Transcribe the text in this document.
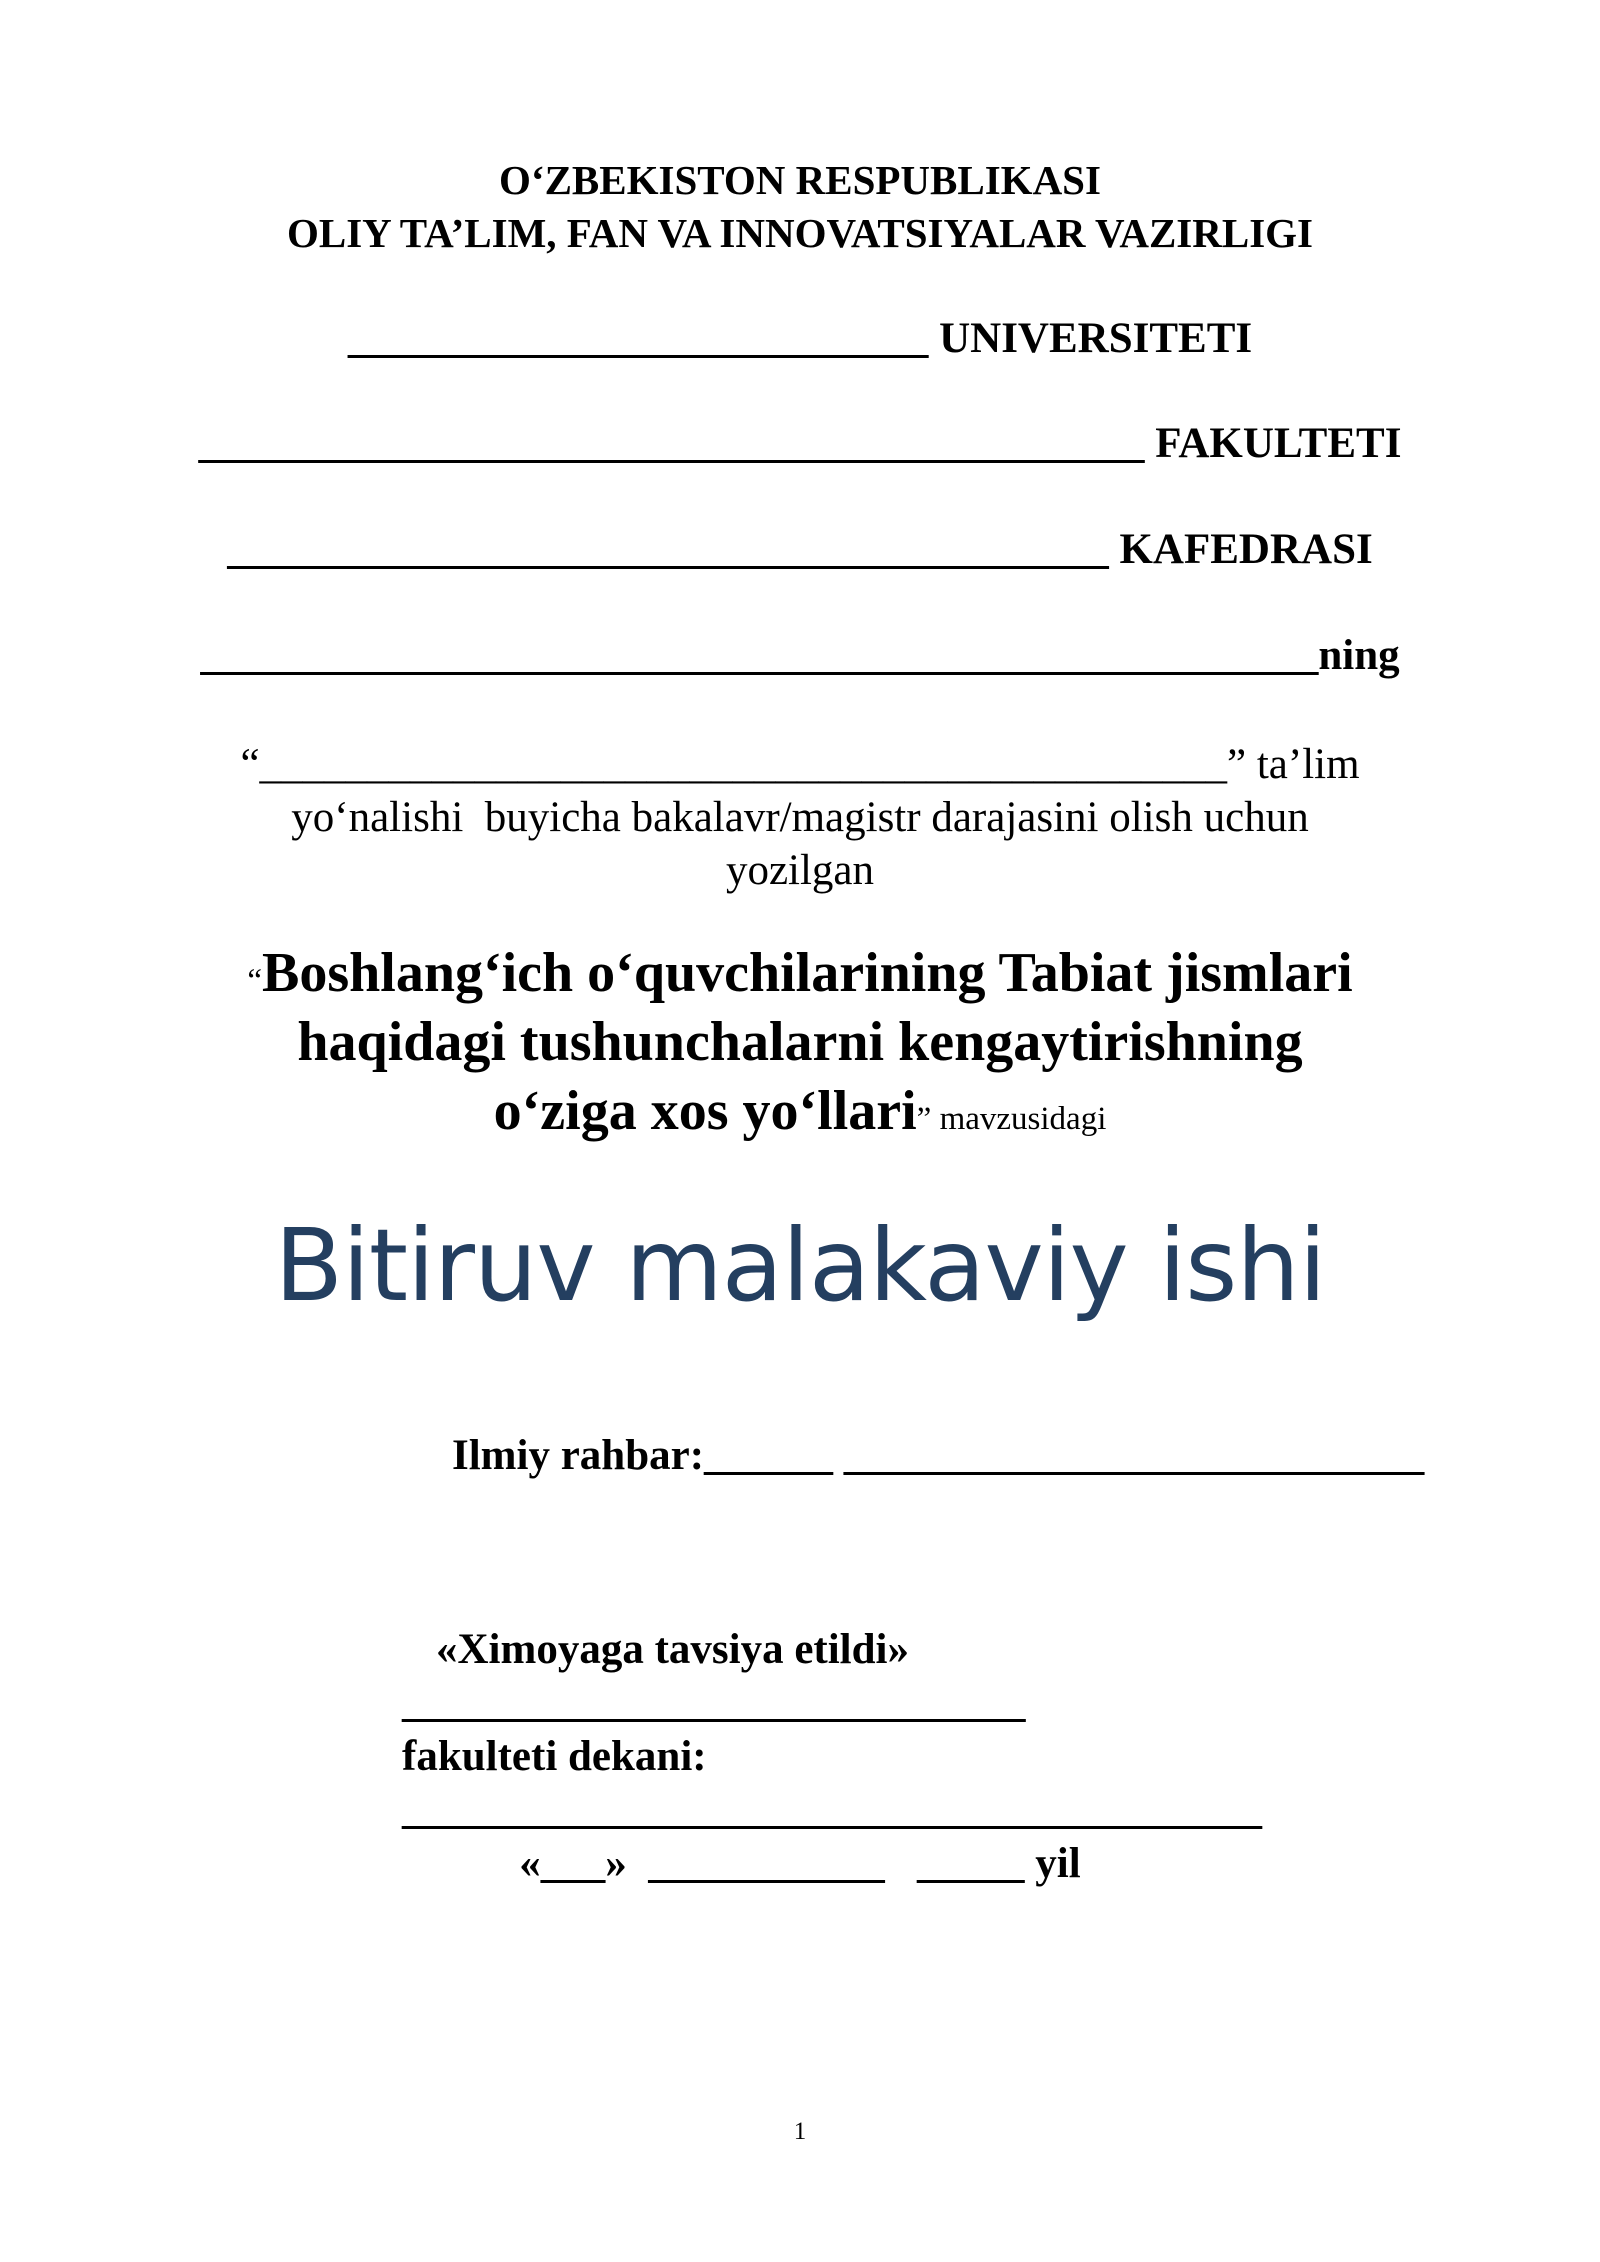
O‘ZBEKISTON RESPUBLIKASI
OLIY TA’LIM, FAN VA INNOVATSIYALAR VAZIRLIGI
___________________________ UNIVERSITETI
____________________________________________ FAKULTETI
_________________________________________ KAFEDRASI
____________________________________________________ning
“_____________________________________________” ta’lim
yo‘nalishi  buyicha bakalavr/magistr darajasini olish uchun
yozilgan
“Boshlang‘ich o‘quvchilarining Tabiat jismlari
haqidagi tushunchalarni kengaytirishning
o‘ziga xos yo‘llari” mavzusidagi
Bitiruv malakaviy ishi
Ilmiy rahbar:______ ___________________________
«Ximoyaga tavsiya etildi»
_____________________________
fakulteti dekani:
________________________________________
«___»  ___________   _____ yil
1
